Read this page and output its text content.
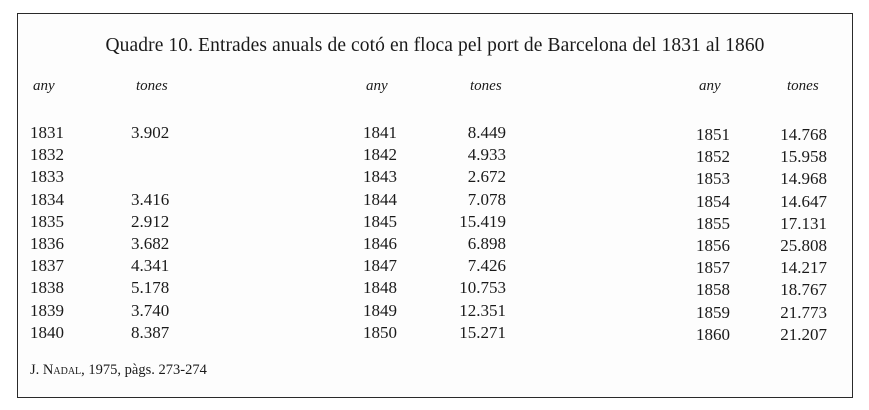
Quadre 10. Entrades anuals de cotó en floca pel port de Barcelona del 1831 al 1860
any	tones
1831	3.902
1832
1833
1834	3.416
1835	2.912
1836	3.682
1837	4.341
1838	5.178
1839	3.740
1840	8.387
any	tones
1841	8.449
1842	4.933
1843	2.672
1844	7.078
1845	15.419
1846	6.898
1847	7.426
1848	10.753
1849	12.351
1850	15.271
any	tones
1851	14.768
1852	15.958
1853	14.968
1854	14.647
1855	17.131
1856	25.808
1857	14.217
1858	18.767
1859	21.773
1860	21.207
J. Nadal, 1975, pàgs. 273-274
